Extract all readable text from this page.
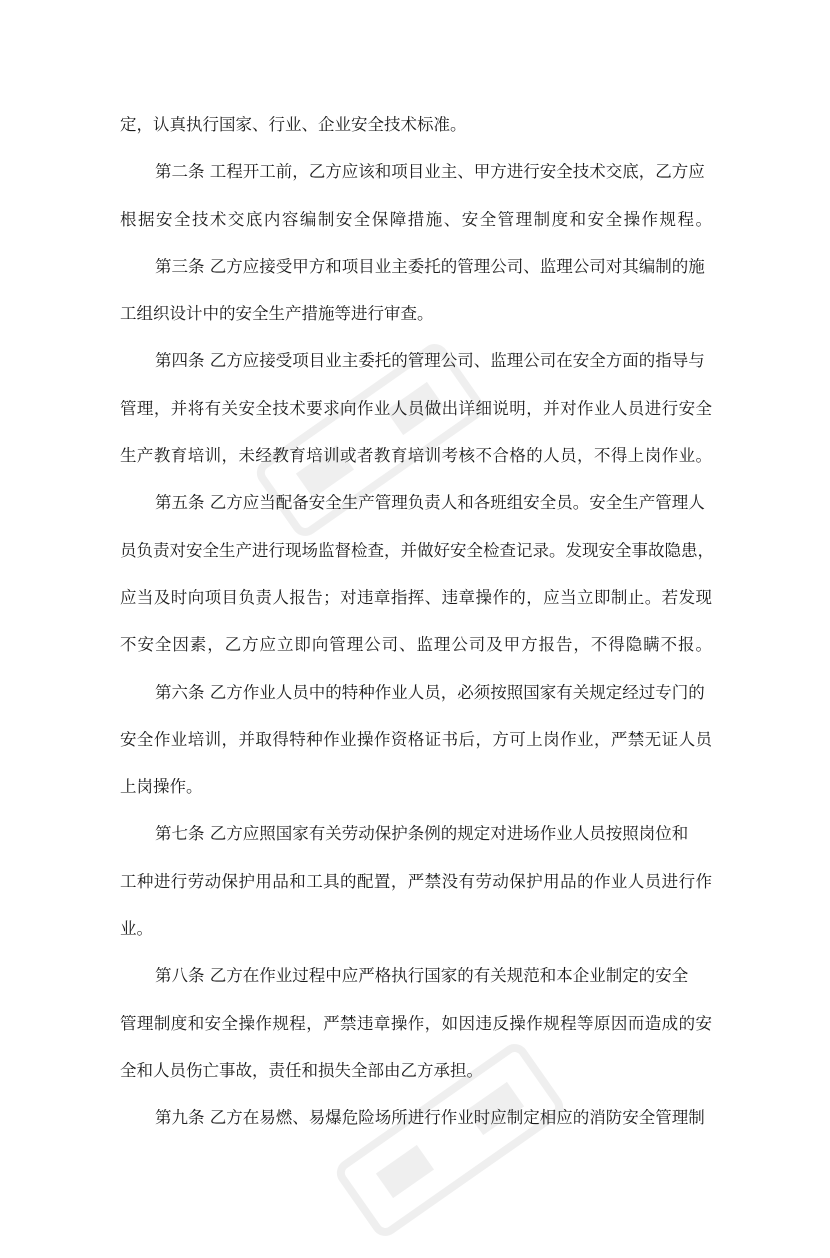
定，认真执行国家、行业、企业安全技术标准。
第二条 工程开工前，乙方应该和项目业主、甲方进行安全技术交底，乙方应
根据安全技术交底内容编制安全保障措施、安全管理制度和安全操作规程。
第三条 乙方应接受甲方和项目业主委托的管理公司、监理公司对其编制的施
工组织设计中的安全生产措施等进行审查。
第四条 乙方应接受项目业主委托的管理公司、监理公司在安全方面的指导与
管理，并将有关安全技术要求向作业人员做出详细说明，并对作业人员进行安全
生产教育培训，未经教育培训或者教育培训考核不合格的人员，不得上岗作业。
第五条 乙方应当配备安全生产管理负责人和各班组安全员。安全生产管理人
员负责对安全生产进行现场监督检查，并做好安全检查记录。发现安全事故隐患，
应当及时向项目负责人报告；对违章指挥、违章操作的，应当立即制止。若发现
不安全因素，乙方应立即向管理公司、监理公司及甲方报告，不得隐瞒不报。
第六条 乙方作业人员中的特种作业人员，必须按照国家有关规定经过专门的
安全作业培训，并取得特种作业操作资格证书后，方可上岗作业，严禁无证人员
上岗操作。
第七条 乙方应照国家有关劳动保护条例的规定对进场作业人员按照岗位和
工种进行劳动保护用品和工具的配置，严禁没有劳动保护用品的作业人员进行作
业。
第八条 乙方在作业过程中应严格执行国家的有关规范和本企业制定的安全
管理制度和安全操作规程，严禁违章操作，如因违反操作规程等原因而造成的安
全和人员伤亡事故，责任和损失全部由乙方承担。
第九条 乙方在易燃、易爆危险场所进行作业时应制定相应的消防安全管理制
